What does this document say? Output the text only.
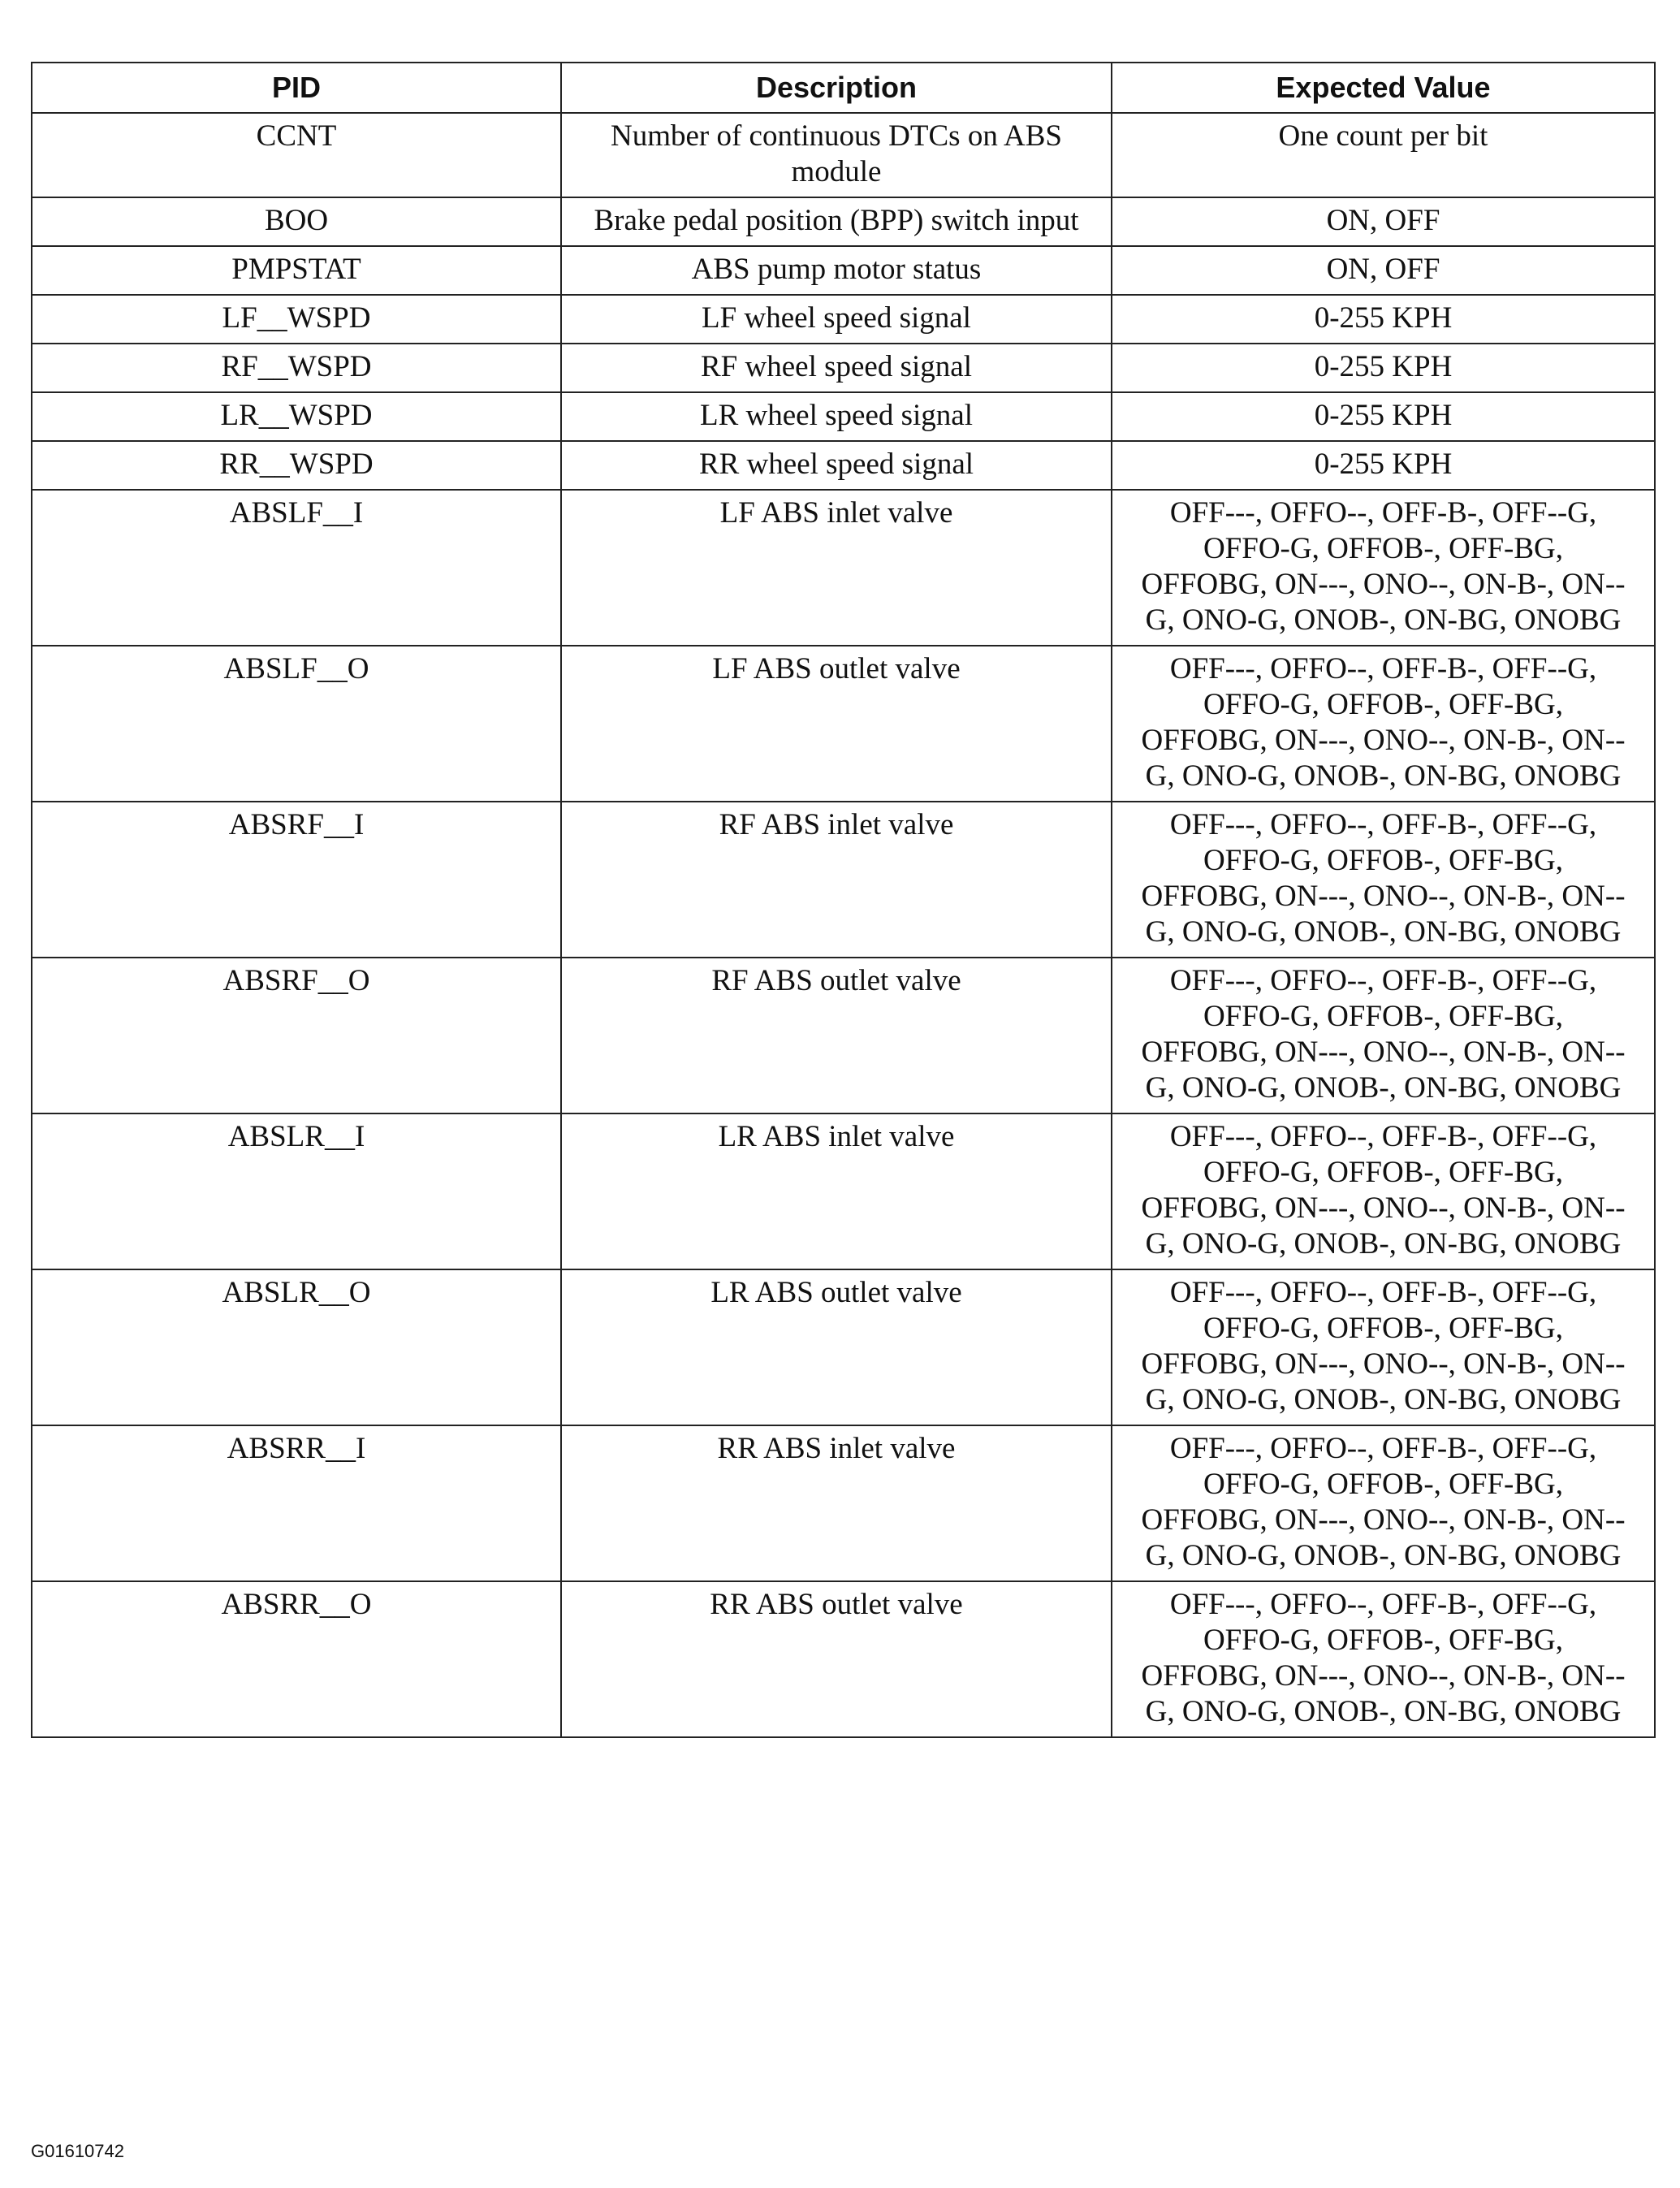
PID	Description	Expected Value
CCNT	Number of continuous DTCs on ABS module	One count per bit
BOO	Brake pedal position (BPP) switch input	ON, OFF
PMPSTAT	ABS pump motor status	ON, OFF
LF__WSPD	LF wheel speed signal	0-255 KPH
RF__WSPD	RF wheel speed signal	0-255 KPH
LR__WSPD	LR wheel speed signal	0-255 KPH
RR__WSPD	RR wheel speed signal	0-255 KPH
ABSLF__I	LF ABS inlet valve	OFF---, OFFO--, OFF-B-, OFF--G, OFFO-G, OFFOB-, OFF-BG, OFFOBG, ON---, ONO--, ON-B-, ON--G, ONO-G, ONOB-, ON-BG, ONOBG
ABSLF__O	LF ABS outlet valve	OFF---, OFFO--, OFF-B-, OFF--G, OFFO-G, OFFOB-, OFF-BG, OFFOBG, ON---, ONO--, ON-B-, ON--G, ONO-G, ONOB-, ON-BG, ONOBG
ABSRF__I	RF ABS inlet valve	OFF---, OFFO--, OFF-B-, OFF--G, OFFO-G, OFFOB-, OFF-BG, OFFOBG, ON---, ONO--, ON-B-, ON--G, ONO-G, ONOB-, ON-BG, ONOBG
ABSRF__O	RF ABS outlet valve	OFF---, OFFO--, OFF-B-, OFF--G, OFFO-G, OFFOB-, OFF-BG, OFFOBG, ON---, ONO--, ON-B-, ON--G, ONO-G, ONOB-, ON-BG, ONOBG
ABSLR__I	LR ABS inlet valve	OFF---, OFFO--, OFF-B-, OFF--G, OFFO-G, OFFOB-, OFF-BG, OFFOBG, ON---, ONO--, ON-B-, ON--G, ONO-G, ONOB-, ON-BG, ONOBG
ABSLR__O	LR ABS outlet valve	OFF---, OFFO--, OFF-B-, OFF--G, OFFO-G, OFFOB-, OFF-BG, OFFOBG, ON---, ONO--, ON-B-, ON--G, ONO-G, ONOB-, ON-BG, ONOBG
ABSRR__I	RR ABS inlet valve	OFF---, OFFO--, OFF-B-, OFF--G, OFFO-G, OFFOB-, OFF-BG, OFFOBG, ON---, ONO--, ON-B-, ON--G, ONO-G, ONOB-, ON-BG, ONOBG
ABSRR__O	RR ABS outlet valve	OFF---, OFFO--, OFF-B-, OFF--G, OFFO-G, OFFOB-, OFF-BG, OFFOBG, ON---, ONO--, ON-B-, ON--G, ONO-G, ONOB-, ON-BG, ONOBG
G01610742
